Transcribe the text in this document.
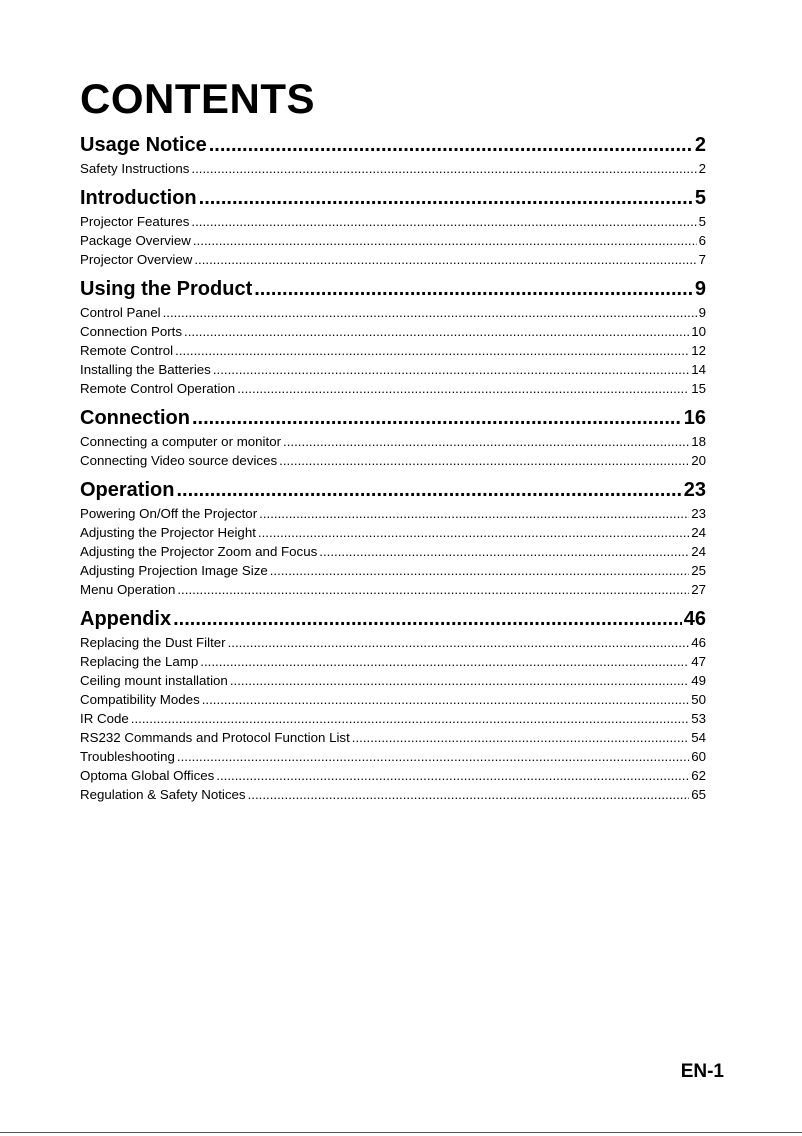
CONTENTS
Usage Notice .....	2
Safety Instructions .....	2
Introduction .....	5
Projector Features .....	5
Package Overview .....	6
Projector Overview .....	7
Using the Product .....	9
Control Panel .....	9
Connection Ports .....	10
Remote Control .....	12
Installing the Batteries .....	14
Remote Control Operation .....	15
Connection .....	16
Connecting a computer or monitor .....	18
Connecting Video source devices .....	20
Operation .....	23
Powering On/Off the Projector .....	23
Adjusting the Projector Height .....	24
Adjusting the Projector Zoom and Focus .....	24
Adjusting Projection Image Size .....	25
Menu Operation .....	27
Appendix .....	46
Replacing the Dust Filter .....	46
Replacing the Lamp .....	47
Ceiling mount installation .....	49
Compatibility Modes .....	50
IR Code .....	53
RS232 Commands and Protocol Function List .....	54
Troubleshooting .....	60
Optoma Global Offices .....	62
Regulation & Safety Notices .....	65
EN-1
